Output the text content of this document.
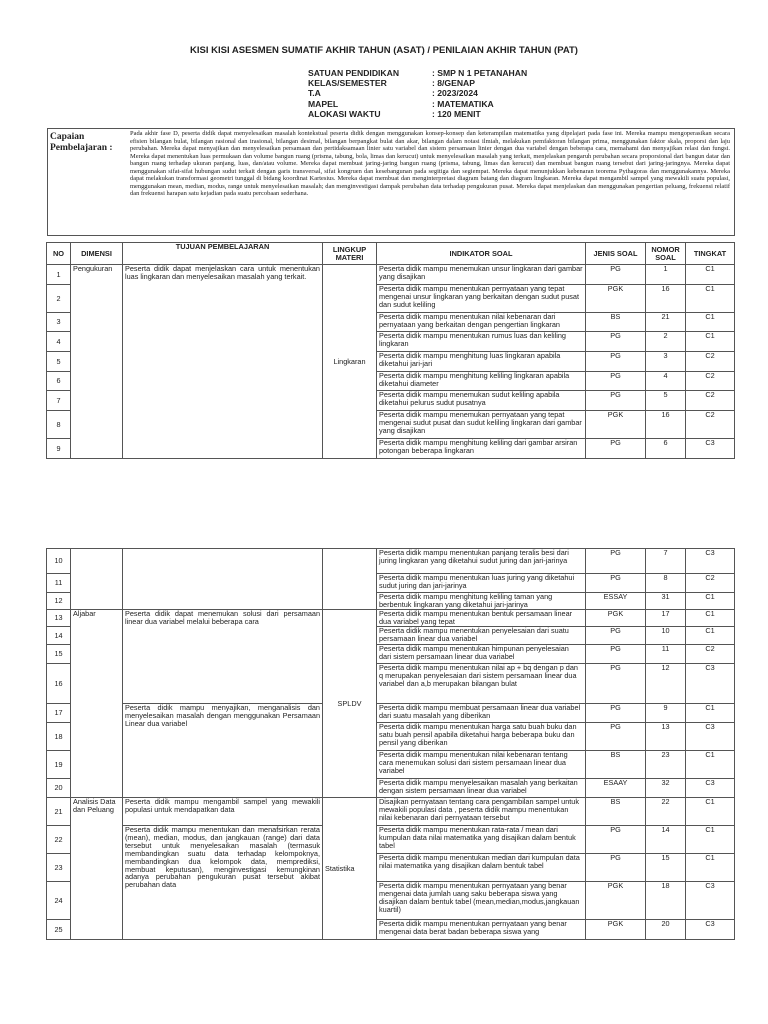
KISI KISI ASESMEN SUMATIF AKHIR TAHUN (ASAT) / PENILAIAN AKHIR TAHUN (PAT)
SATUAN PENDIDIKAN	: SMP N 1 PETANAHAN
KELAS/SEMESTER	: 8/GENAP
T.A	: 2023/2024
MAPEL	: MATEMATIKA
ALOKASI WAKTU	: 120 MENIT
Capaian Pembelajaran :
Pada akhir fase D, peserta didik dapat menyelesaikan masalah kontekstual peserta didik dengan menggunakan konsep-konsep dan keterampilan matematika yang dipelajari pada fase ini. Mereka mampu mengoperasikan secara efisien bilangan bulat, bilangan rasional dan irasional, bilangan desimal, bilangan berpangkat bulat dan akar, bilangan dalam notasi ilmiah, melakukan pemfaktoran bilangan prima, menggunakan faktor skala, proporsi dan laju perubahan. Mereka dapat menyajikan dan menyelesaikan persamaan dan pertidaksamaan linier satu variabel dan sistem persamaan linier dengan dua variabel dengan beberapa cara, memahami dan menyajikan relasi dan fungsi. Mereka dapat menentukan luas permukaan dan volume bangun ruang (prisma, tabung, bola, limas dan kerucut) untuk menyelesaikan masalah yang terkait, menjelaskan pengaruh perubahan secara proporsional dari bangun datar dan bangun ruang terhadap ukuran panjang, luas, dan/atau volume. Mereka dapat membuat jaring-jaring bangun ruang (prisma, tabung, limas dan kerucut) dan membuat bangun ruang tersebut dari jaring-jaringnya. Mereka dapat menggunakan sifat-sifat hubungan sudut terkait dengan garis transversal, sifat kongruen dan kesebangunan pada segitiga dan segiempat. Mereka dapat menunjukkan kebenaran teorema Pythagoras dan menggunakannya. Mereka dapat melakukan transformasi geometri tunggal di bidang koordinat Kartesius. Mereka dapat membuat dan menginterpretasi diagram batang dan diagram lingkaran. Mereka dapat mengambil sampel yang mewakili suatu populasi, menggunakan mean, median, modus, range untuk menyelesaikan masalah; dan menginvestigasi dampak perubahan data terhadap pengukuran pusat. Mereka dapat menjelaskan dan menggunakan pengertian peluang, frekuensi relatif dan frekuensi harapan satu kejadian pada suatu percobaan sederhana.
NO	DIMENSI	TUJUAN PEMBELAJARAN	LINGKUP MATERI	INDIKATOR SOAL	JENIS SOAL	NOMOR SOAL	TINGKAT
1	Pengukuran	Peserta didik dapat menjelaskan cara untuk menentukan luas lingkaran dan menyelesaikan masalah yang terkait.	Lingkaran	Peserta didik mampu menemukan unsur lingkaran dari gambar yang disajikan	PG	1	C1
2				Peserta didik mampu menentukan pernyataan yang tepat mengenai unsur lingkaran yang berkaitan dengan sudut pusat dan sudut keliling	PGK	16	C1
3				Peserta didik mampu menentukan nilai kebenaran dari pernyataan yang berkaitan dengan pengertian lingkaran	BS	21	C1
4				Peserta didik mampu menentukan rumus luas dan keliling lingkaran	PG	2	C1
5				Peserta didik mampu menghitung luas lingkaran apabila diketahui jari-jari	PG	3	C2
6				Peserta didik mampu menghitung keliling lingkaran apabila diketahui diameter	PG	4	C2
7				Peserta didik mampu menemukan sudut keliling apabila diketahui pelurus sudut pusatnya	PG	5	C2
8				Peserta didik mampu menemukan pernyataan yang tepat mengenai sudut pusat dan sudut keliling lingkaran dari gambar yang disajikan	PGK	16	C2
9				Peserta didik mampu menghitung keliling dari gambar arsiran potongan beberapa lingkaran	PG	6	C3
10				Peserta didik mampu menentukan panjang teralis besi dari juring lingkaran yang diketahui sudut juring dan jari-jarinya	PG	7	C3
11				Peserta didik mampu menentukan luas juring yang diketahui sudut juring dan jari-jarinya	PG	8	C2
12				Peserta didik mampu menghitung keliling taman yang berbentuk lingkaran yang diketahui jari-jarinya	ESSAY	31	C1
13	Aljabar	Peserta didik dapat menemukan solusi dari persamaan linear dua variabel melalui beberapa cara	SPLDV	Peserta didik mampu menentukan bentuk persamaan linear dua variabel yang tepat	PGK	17	C1
14				Peserta didik mampu menentukan penyelesaian dari suatu persamaan linear dua variabel	PG	10	C1
15				Peserta didik mampu menentukan himpunan penyelesaian dari sistem persamaan linear dua variabel	PG	11	C2
16				Peserta didik mampu menentukan nilai ap + bq dengan p dan q merupakan penyelesaian dari sistem persamaan linear dua variabel dan a,b merupakan bilangan bulat	PG	12	C3
17		Peserta didik mampu menyajikan, menganalisis dan menyelesaikan masalah dengan menggunakan Persamaan Linear dua variabel		Peserta didik mampu membuat persamaan linear dua variabel dari suatu masalah yang diberikan	PG	9	C1
18				Peserta didik mampu menentukan harga satu buah buku dan satu buah pensil apabila diketahui harga beberapa buku dan pensil yang diberikan	PG	13	C3
19				Peserta didik mampu menentukan nilai kebenaran tentang cara menemukan solusi dari sistem persamaan linear dua variabel	BS	23	C1
20				Peserta didik mampu menyelesaikan masalah yang berkaitan dengan sistem persamaan linear dua variabel	ESAAY	32	C3
21	Analisis Data dan Peluang	Peserta didik mampu mengambil sampel yang mewakili populasi untuk mendapatkan data	Statistika	Disajikan pernyataan tentang cara pengambilan sampel untuk mewakili populasi data , peserta didik mampu menentukan nilai kebenaran dari pernyataan tersebut	BS	22	C1
22		Peserta didik mampu menentukan dan menafsirkan rerata (mean), median, modus, dan jangkauan (range) dari data tersebut untuk menyelesaikan masalah (termasuk membandingkan suatu data terhadap kelompoknya, membandingkan dua kelompok data, memprediksi, membuat keputusan), menginvestigasi kemungkinan adanya perubahan pengukuran pusat tersebut akibat perubahan data		Peserta didik mampu menentukan rata-rata / mean dari kumpulan data nilai matematika yang disajikan dalam bentuk tabel	PG	14	C1
23				Peserta didik mampu menentukan median dari kumpulan data nilai matematika yang disajikan dalam bentuk tabel	PG	15	C1
24				Peserta didik mampu menentukan pernyataan yang benar mengenai data jumlah uang saku beberapa siswa yang disajikan dalam bentuk tabel (mean,median,modus,jangkauan kuartil)	PGK	18	C3
25				Peserta didik mampu menentukan pernyataan yang benar mengenai data berat badan beberapa siswa yang	PGK	20	C3
